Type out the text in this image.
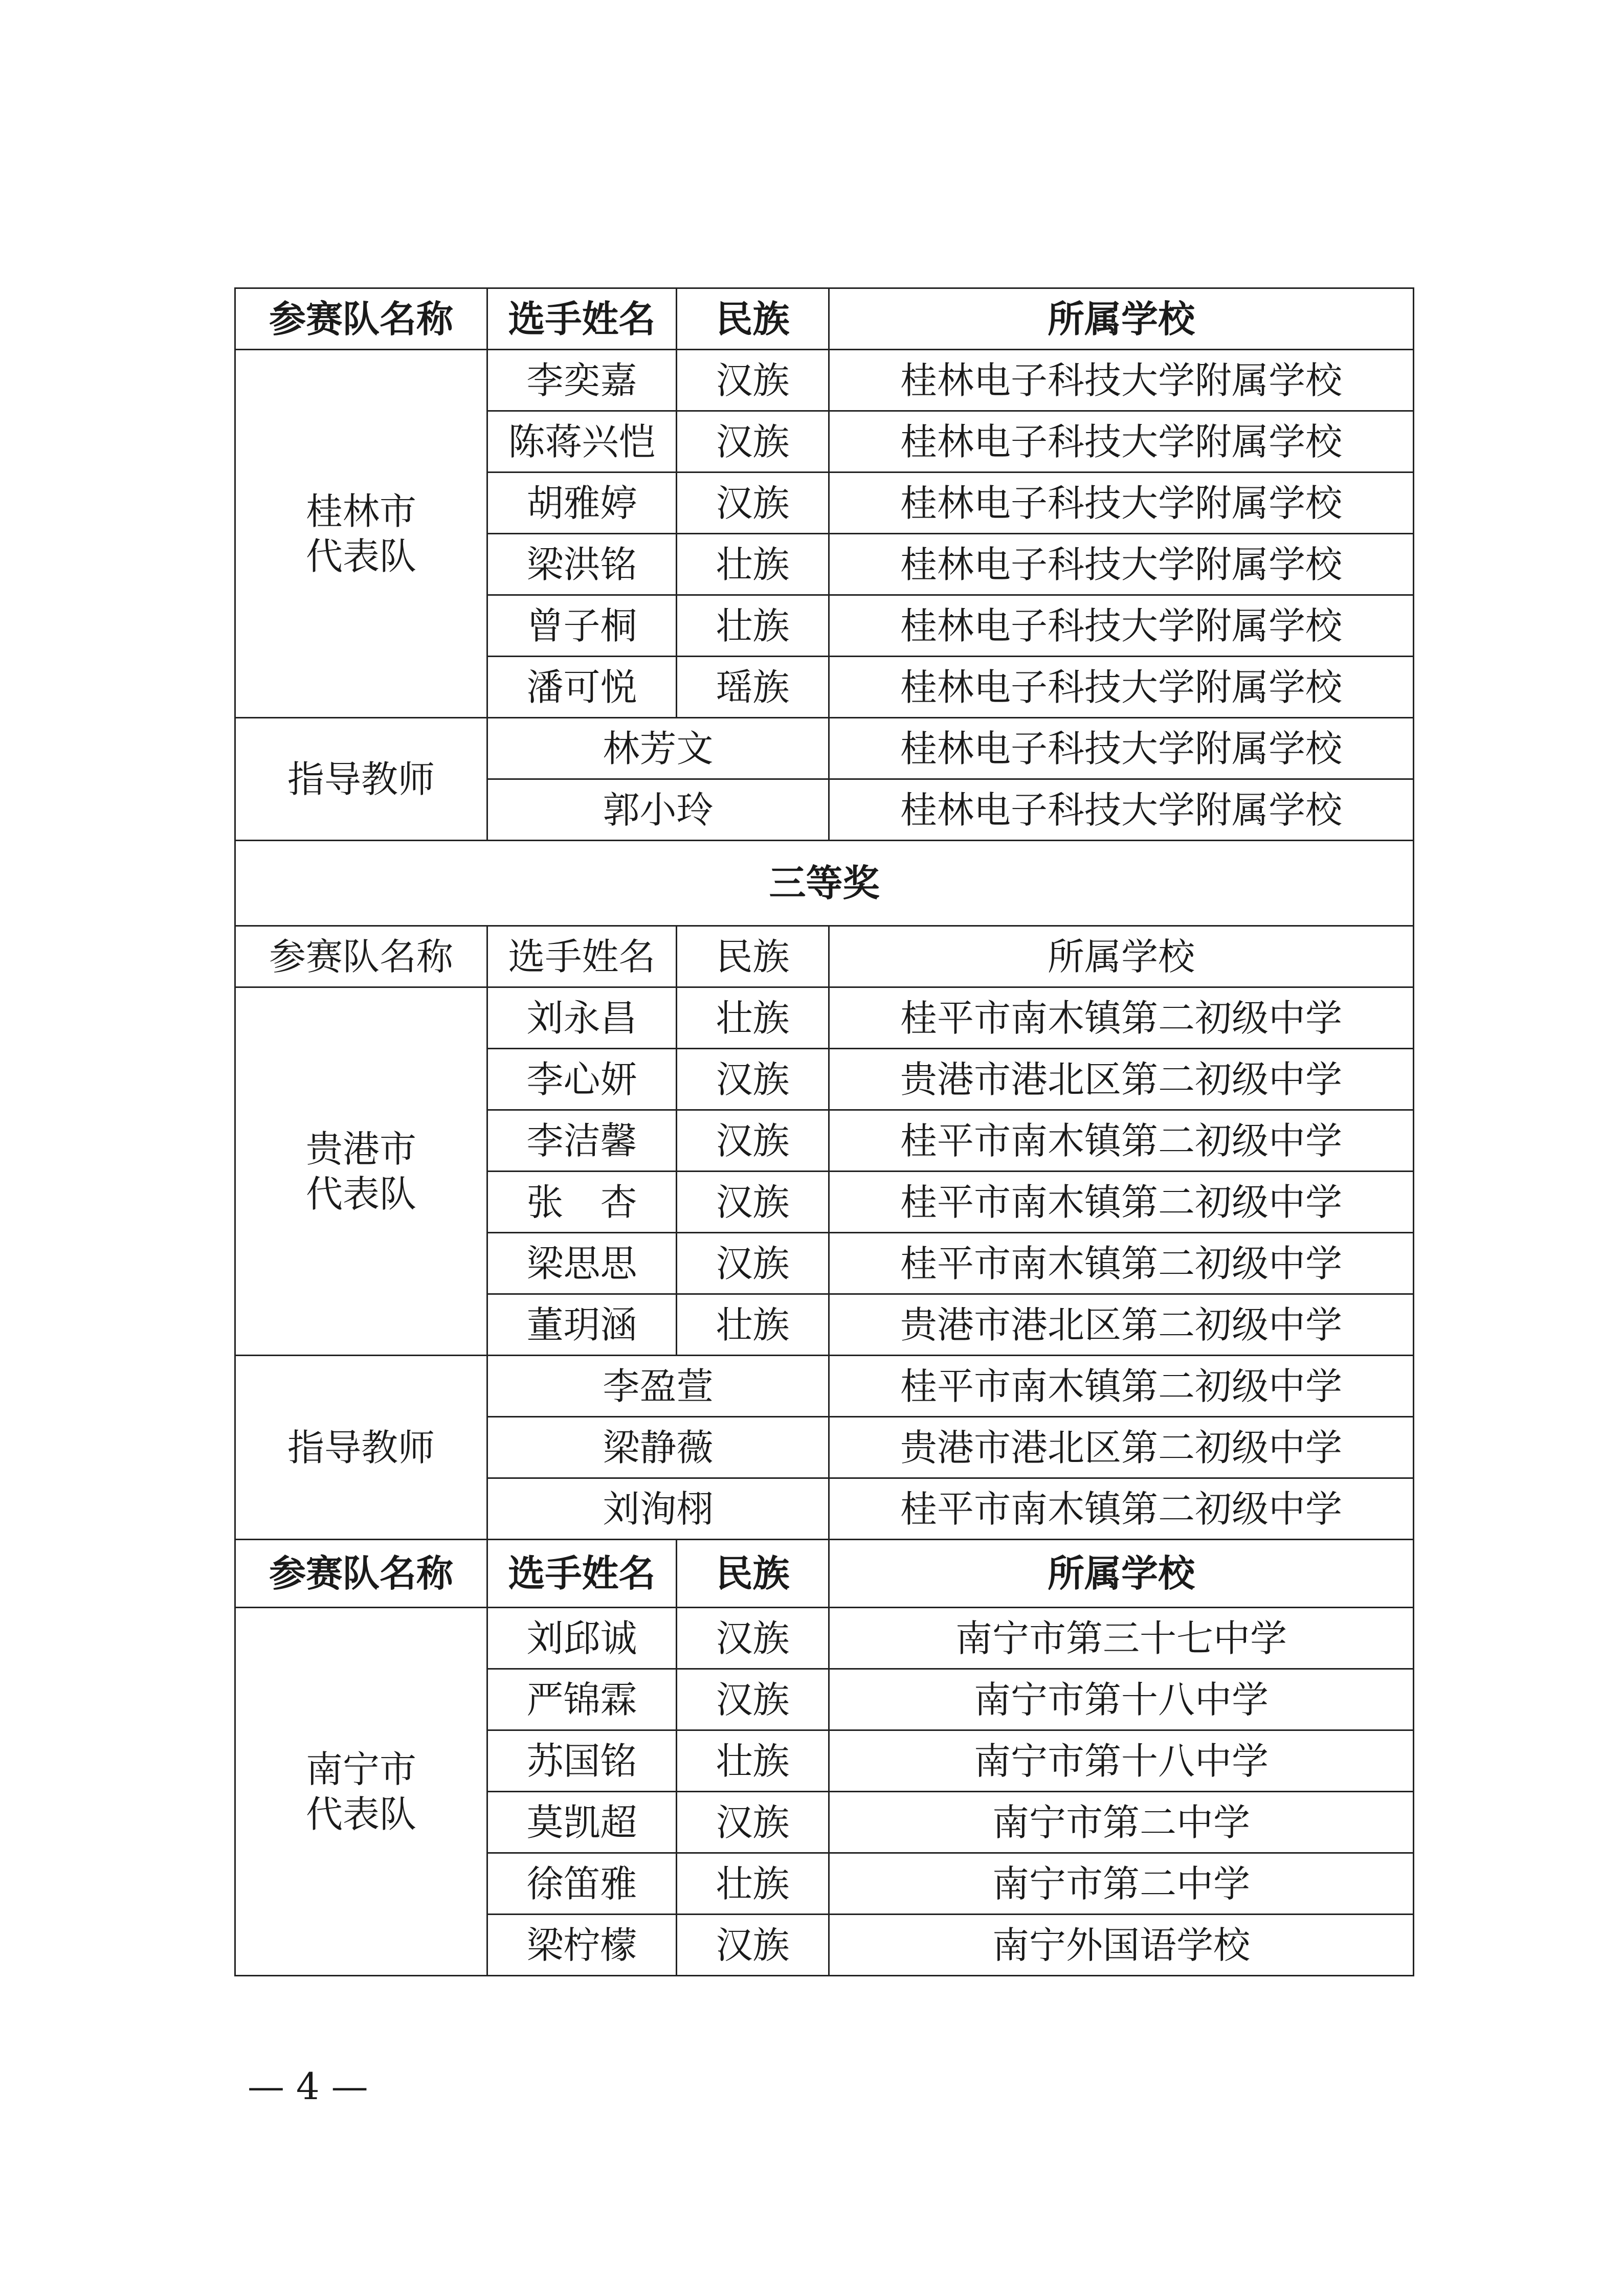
参赛队名称	选手姓名	民族	所属学校

桂林市
代表队	李奕嘉	汉族	桂林电子科技大学附属学校
	陈蒋兴恺	汉族	桂林电子科技大学附属学校
	胡雅婷	汉族	桂林电子科技大学附属学校
	梁洪铭	壮族	桂林电子科技大学附属学校
	曾子桐	壮族	桂林电子科技大学附属学校
	潘可悦	瑶族	桂林电子科技大学附属学校
指导教师	林芳文		桂林电子科技大学附属学校
	郭小玲		桂林电子科技大学附属学校
三等奖			
参赛队名称	选手姓名	民族	所属学校

贵港市
代表队	刘永昌	壮族	桂平市南木镇第二初级中学
	李心妍	汉族	贵港市港北区第二初级中学
	李洁馨	汉族	桂平市南木镇第二初级中学
	张　杏	汉族	桂平市南木镇第二初级中学
	梁思思	汉族	桂平市南木镇第二初级中学
	董玥涵	壮族	贵港市港北区第二初级中学
指导教师	李盈萱		桂平市南木镇第二初级中学
	梁静薇		贵港市港北区第二初级中学
	刘洵栩		桂平市南木镇第二初级中学
参赛队名称	选手姓名	民族	所属学校

南宁市
代表队	刘邱诚	汉族	南宁市第三十七中学
	严锦霖	汉族	南宁市第十八中学
	苏国铭	壮族	南宁市第十八中学
	莫凯超	汉族	南宁市第二中学
	徐笛雅	壮族	南宁市第二中学
	梁柠檬	汉族	南宁外国语学校
— 4 —
